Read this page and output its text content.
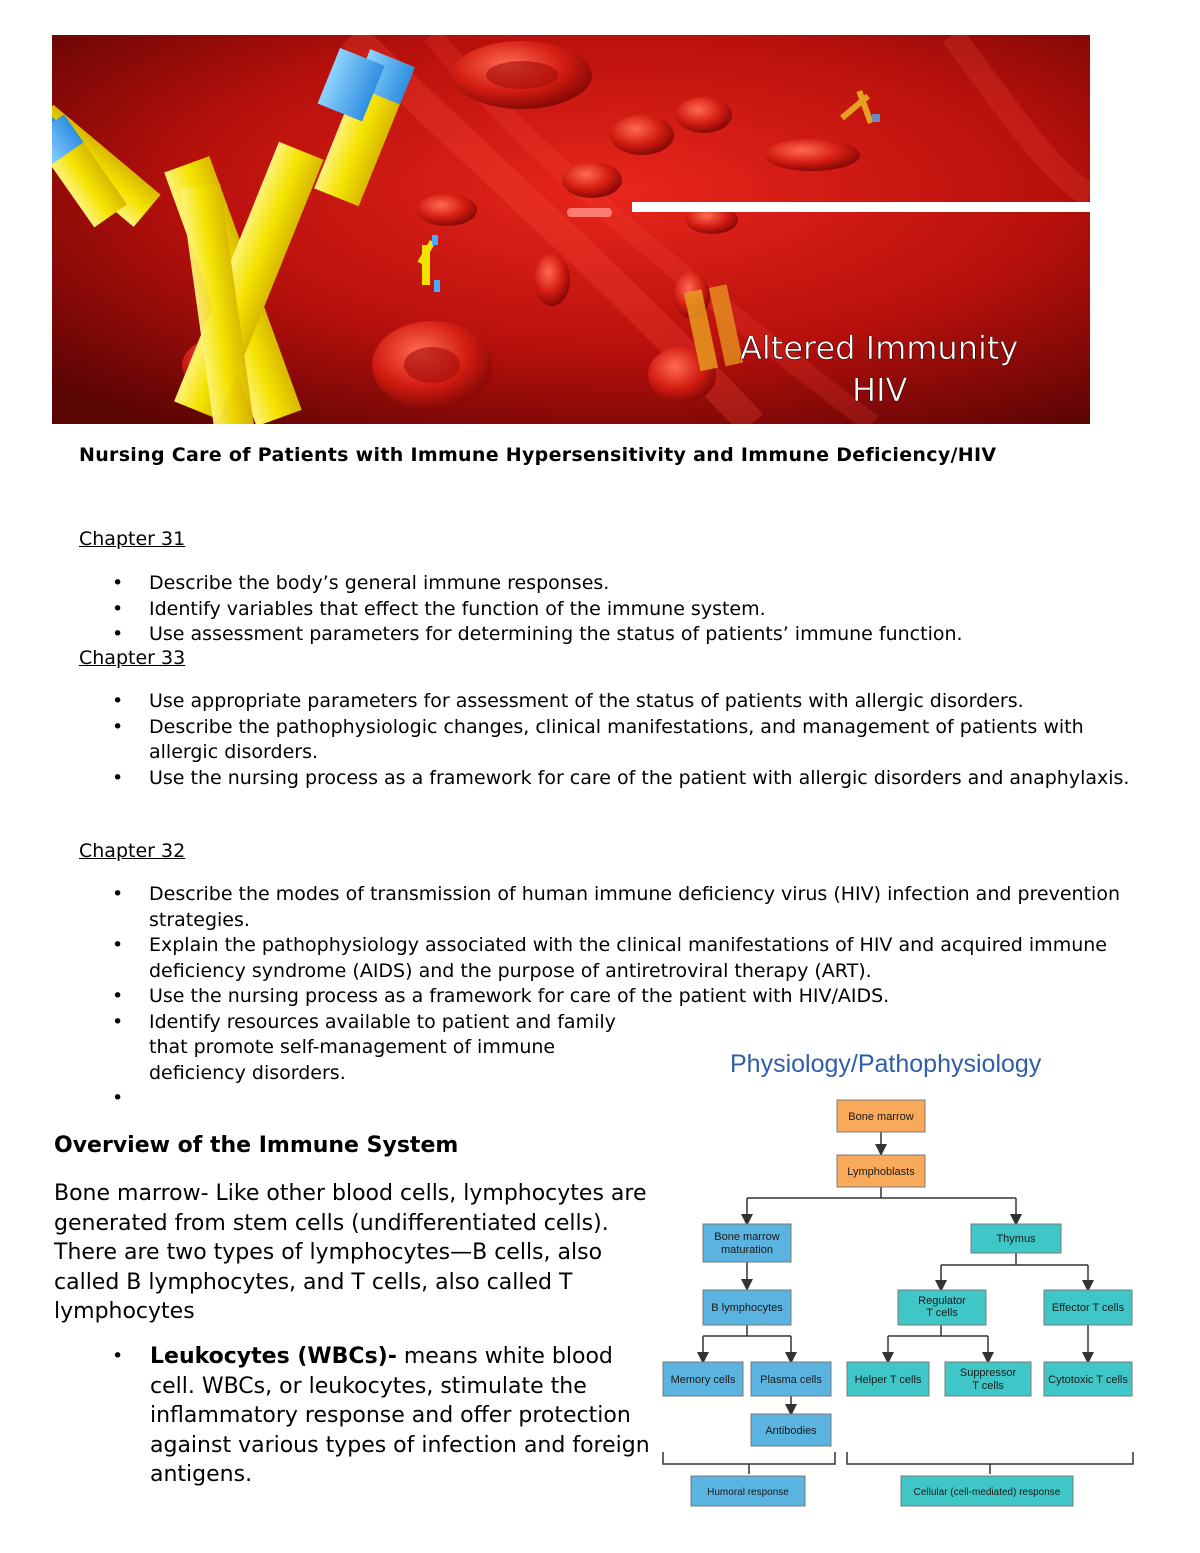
Altered Immunity
HIV
Nursing Care of Patients with Immune Hypersensitivity and Immune Deficiency/HIV
Chapter 31
• Describe the body’s general immune responses.
• Identify variables that effect the function of the immune system.
• Use assessment parameters for determining the status of patients’ immune function.
Chapter 33
• Use appropriate parameters for assessment of the status of patients with allergic disorders.
• Describe the pathophysiologic changes, clinical manifestations, and management of patients with allergic disorders.
• Use the nursing process as a framework for care of the patient with allergic disorders and anaphylaxis.
Chapter 32
• Describe the modes of transmission of human immune deficiency virus (HIV) infection and prevention strategies.
• Explain the pathophysiology associated with the clinical manifestations of HIV and acquired immune deficiency syndrome (AIDS) and the purpose of antiretroviral therapy (ART).
• Use the nursing process as a framework for care of the patient with HIV/AIDS.
• Identify resources available to patient and family that promote self-management of immune deficiency disorders.
Overview of the Immune System

Bone marrow- Like other blood cells, lymphocytes are generated from stem cells (undifferentiated cells). There are two types of lymphocytes—B cells, also called B lymphocytes, and T cells, also called T lymphocytes

• Leukocytes (WBCs)- means white blood cell. WBCs, or leukocytes, stimulate the inflammatory response and offer protection against various types of infection and foreign antigens.
Physiology/Pathophysiology
Bone marrow
Lymphoblasts
Bone marrow
maturation
Thymus
B lymphocytes
Regulator
T cells	Effector T cells
Memory cells Plasma cells	Helper T cells
Suppressor
T cells	Cytotoxic T cells
Antibodies
Humoral response	Cellular (cell-mediated) response
